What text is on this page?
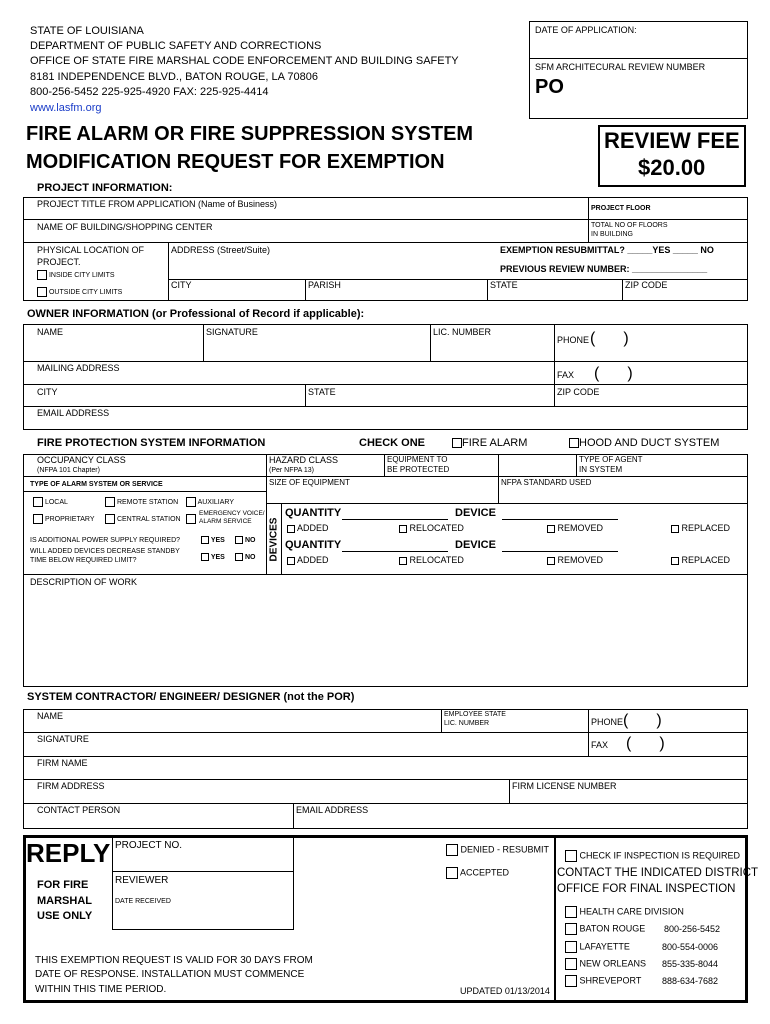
STATE OF LOUISIANA
DEPARTMENT OF PUBLIC SAFETY AND CORRECTIONS
OFFICE OF STATE FIRE MARSHAL CODE ENFORCEMENT AND BUILDING SAFETY
8181 INDEPENDENCE BLVD., BATON ROUGE, LA 70806
800-256-5452 225-925-4920 FAX: 225-925-4414
www.lasfm.org
DATE OF APPLICATION:
SFM ARCHITECURAL REVIEW NUMBER
PO
FIRE ALARM OR FIRE SUPPRESSION SYSTEM
MODIFICATION REQUEST FOR EXEMPTION
REVIEW FEE
$20.00
PROJECT INFORMATION:
PROJECT TITLE FROM APPLICATION (Name of Business)	PROJECT FLOOR
NAME OF BUILDING/SHOPPING CENTER	TOTAL NO OF FLOORS
IN BUILDING
PHYSICAL LOCATION OF
PROJECT.
INSIDE CITY LIMITS
OUTSIDE CITY LIMITS
ADDRESS (Street/Suite)	EXEMPTION RESUBMITTAL? _____YES _____ NO
PREVIOUS REVIEW NUMBER: _______________
CITY	PARISH	STATE	ZIP CODE
OWNER INFORMATION (or Professional of Record if applicable):
NAME	SIGNATURE	LIC. NUMBER
PHONE( )
MAILING ADDRESS
FAX ( )
CITY	STATE	ZIP CODE
EMAIL ADDRESS
FIRE PROTECTION SYSTEM INFORMATION	CHECK ONE	FIRE ALARM	HOOD AND DUCT SYSTEM
OCCUPANCY CLASS
(NFPA 101 Chapter)
HAZARD CLASS
(Per NFPA 13)
EQUIPMENT TO
BE PROTECTED
TYPE OF AGENT
IN SYSTEM
TYPE OF ALARM SYSTEM OR SERVICE	SIZE OF EQUIPMENT	NFPA STANDARD USED
LOCAL	REMOTE STATION	AUXILIARY
PROPRIETARY	CENTRAL STATION
EMERGENCY VOICE/
ALARM SERVICE
IS ADDITIONAL POWER SUPPLY REQUIRED?	YES	NO
WILL ADDED DEVICES DECREASE STANDBY
TIME BELOW REQUIRED LIMIT?	YES	NO DEVICES
QUANTITY	DEVICE
ADDED	RELOCATED	REMOVED	REPLACED
QUANTITY	DEVICE
ADDED	RELOCATED	REMOVED	REPLACED
DESCRIPTION OF WORK
SYSTEM CONTRACTOR/ ENGINEER/ DESIGNER (not the POR)
NAME	EMPLOYEE STATE
LIC. NUMBER	PHONE( )
SIGNATURE
FAX ( )
FIRM NAME
FIRM ADDRESS	FIRM LICENSE NUMBER
CONTACT PERSON	EMAIL ADDRESS
REPLY
FOR FIRE
MARSHAL
USE ONLY
PROJECT NO.
REVIEWER
DATE RECEIVED
DENIED - RESUBMIT
ACCEPTED
THIS EXEMPTION REQUEST IS VALID FOR 30 DAYS FROM
DATE OF RESPONSE. INSTALLATION MUST COMMENCE
WITHIN THIS TIME PERIOD.	UPDATED 01/13/2014
CHECK IF INSPECTION IS REQUIRED
CONTACT THE INDICATED DISTRICT
OFFICE FOR FINAL INSPECTION
HEALTH CARE DIVISION
BATON ROUGE 800-256-5452
LAFAYETTE	800-554-0006
NEW ORLEANS 855-335-8044
SHREVEPORT 888-634-7682
